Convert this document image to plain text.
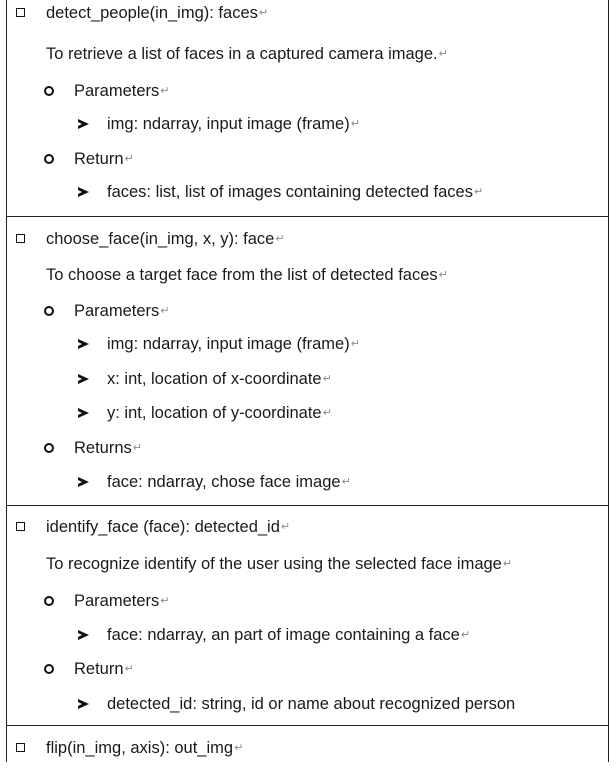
detect_people(in_img): faces ↵
To retrieve a list of faces in a captured camera image. ↵
Parameters ↵
img: ndarray, input image (frame) ↵
Return ↵
faces: list, list of images containing detected faces ↵
choose_face(in_img, x, y): face ↵
To choose a target face from the list of detected faces ↵
Parameters ↵
img: ndarray, input image (frame) ↵
x: int, location of x-coordinate ↵
y: int, location of y-coordinate ↵
Returns ↵
face: ndarray, chose face image ↵
identify_face (face): detected_id ↵
To recognize identify of the user using the selected face image ↵
Parameters ↵
face: ndarray, an part of image containing a face ↵
Return ↵
detected_id: string, id or name about recognized person
flip(in_img, axis): out_img ↵
